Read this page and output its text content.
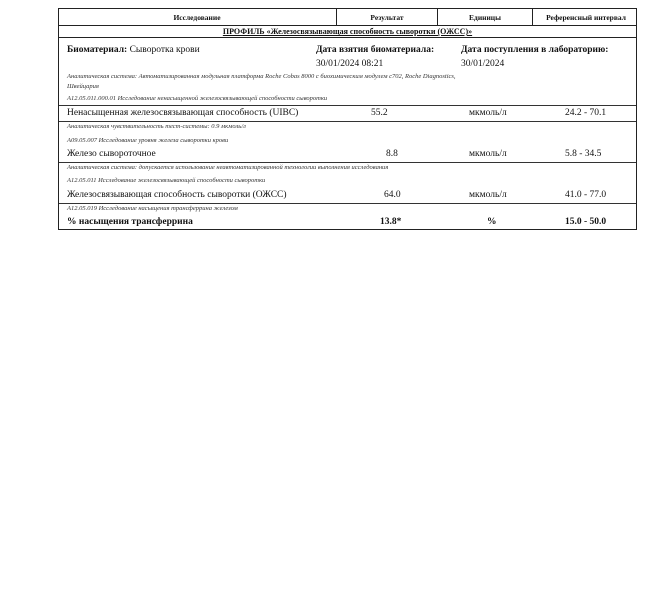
Исследование	Результат	Единицы	Референсный интервал
ПРОФИЛЬ «Железосвязывающая способность сыворотки (ОЖСС)»
Биоматериал: Сыворотка крови	Дата взятия биоматериала:
30/01/2024 08:21
Дата поступления в лабораторию:
30/01/2024
Аналитическая система: Автоматизированная модульная платформа Roche Cobas 8000 с биохимическим модулем с702, Roche Diagnostics,
Швейцария
A12.05.011.000.01 Исследование ненасыщенной железосвязывающей способности сыворотки
Ненасыщенная железосвязывающая способность (UIBC)	55.2	мкмоль/л	24.2 - 70.1
Аналитическая чувствительность тест-системы: 0.9 мкмоль/л
A09.05.007 Исследование уровня железа сыворотки крови
Железо сывороточное	8.8	мкмоль/л	5.8 - 34.5
Аналитическая система: допускается использование неавтоматизированной технологии выполнения исследования
A12.05.011 Исследование железосвязывающей способности сыворотки
Железосвязывающая способность сыворотки (ОЖСС)	64.0	мкмоль/л	41.0 - 77.0
A12.05.019 Исследование насыщения трансферрина железом
% насыщения трансферрина	13.8*	%	15.0 - 50.0
